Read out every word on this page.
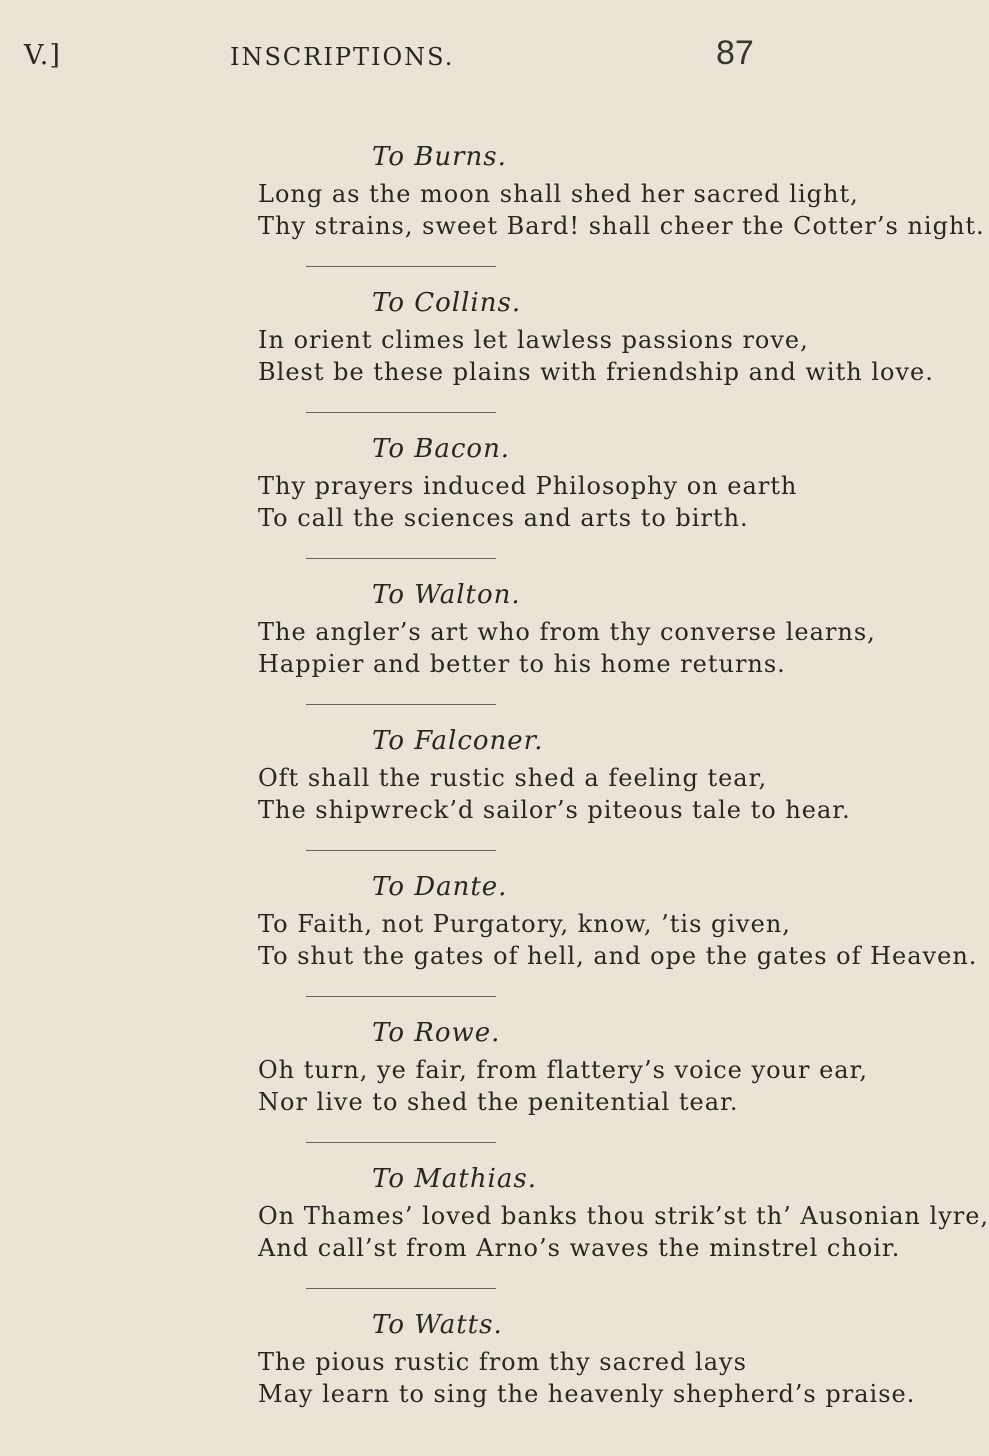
V.]	INSCRIPTIONS.	87
To Burns.
Long as the moon shall shed her sacred light,
Thy strains, sweet Bard! shall cheer the Cotter’s night.
To Collins.
In orient climes let lawless passions rove,
Blest be these plains with friendship and with love.
To Bacon.
Thy prayers induced Philosophy on earth
To call the sciences and arts to birth.
To Walton.
The angler’s art who from thy converse learns,
Happier and better to his home returns.
To Falconer.
Oft shall the rustic shed a feeling tear,
The shipwreck’d sailor’s piteous tale to hear.
To Dante.
To Faith, not Purgatory, know, ’tis given,
To shut the gates of hell, and ope the gates of Heaven.
To Rowe.
Oh turn, ye fair, from flattery’s voice your ear,
Nor live to shed the penitential tear.
To Mathias.
On Thames’ loved banks thou strik’st th’ Ausonian lyre,
And call’st from Arno’s waves the minstrel choir.
To Watts.
The pious rustic from thy sacred lays
May learn to sing the heavenly shepherd’s praise.
